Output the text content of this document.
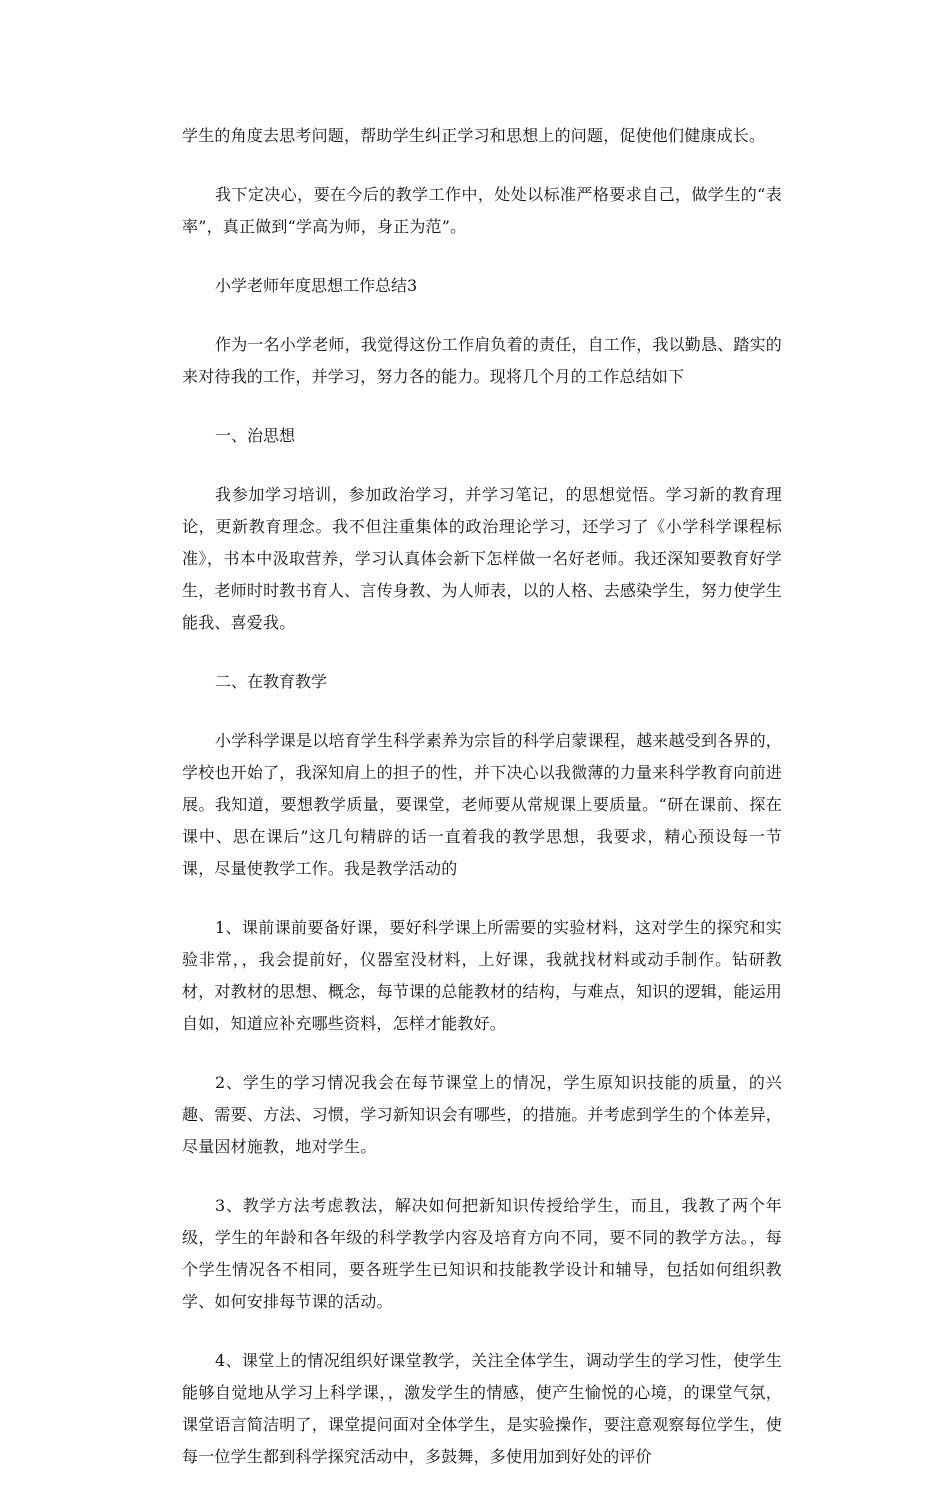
学生的角度去思考问题，帮助学生纠正学习和思想上的问题，促使他们健康成长。

我下定决心，要在今后的教学工作中，处处以标准严格要求自己，做学生的“表率”，真正做到“学高为师，身正为范”。

小学老师年度思想工作总结3

作为一名小学老师，我觉得这份工作肩负着的责任，自工作，我以勤恳、踏实的来对待我的工作，并学习，努力各的能力。现将几个月的工作总结如下

一、治思想

我参加学习培训，参加政治学习，并学习笔记，的思想觉悟。学习新的教育理论，更新教育理念。我不但注重集体的政治理论学习，还学习了《小学科学课程标准》，书本中汲取营养，学习认真体会新下怎样做一名好老师。我还深知要教育好学生，老师时时教书育人、言传身教、为人师表，以的人格、去感染学生，努力使学生能我、喜爱我。

二、在教育教学

小学科学课是以培育学生科学素养为宗旨的科学启蒙课程，越来越受到各界的，学校也开始了，我深知肩上的担子的性，并下决心以我微薄的力量来科学教育向前进展。我知道，要想教学质量，要课堂，老师要从常规课上要质量。“研在课前、探在课中、思在课后”这几句精辟的话一直着我的教学思想，我要求，精心预设每一节课，尽量使教学工作。我是教学活动的

1、课前课前要备好课，要好科学课上所需要的实验材料，这对学生的探究和实验非常，，我会提前好，仪器室没材料，上好课，我就找材料或动手制作。钻研教材，对教材的思想、概念，每节课的总能教材的结构，与难点，知识的逻辑，能运用自如，知道应补充哪些资料，怎样才能教好。

2、学生的学习情况我会在每节课堂上的情况，学生原知识技能的质量，的兴趣、需要、方法、习惯，学习新知识会有哪些，的措施。并考虑到学生的个体差异，尽量因材施教，地对学生。

3、教学方法考虑教法，解决如何把新知识传授给学生，而且，我教了两个年级，学生的年龄和各年级的科学教学内容及培育方向不同，要不同的教学方法。，每个学生情况各不相同，要各班学生已知识和技能教学设计和辅导，包括如何组织教学、如何安排每节课的活动。

4、课堂上的情况组织好课堂教学，关注全体学生，调动学生的学习性，使学生能够自觉地从学习上科学课，，激发学生的情感，使产生愉悦的心境，的课堂气氛，课堂语言简洁明了，课堂提问面对全体学生，是实验操作，要注意观察每位学生，使每一位学生都到科学探究活动中，多鼓舞，多使用加到好处的评价
